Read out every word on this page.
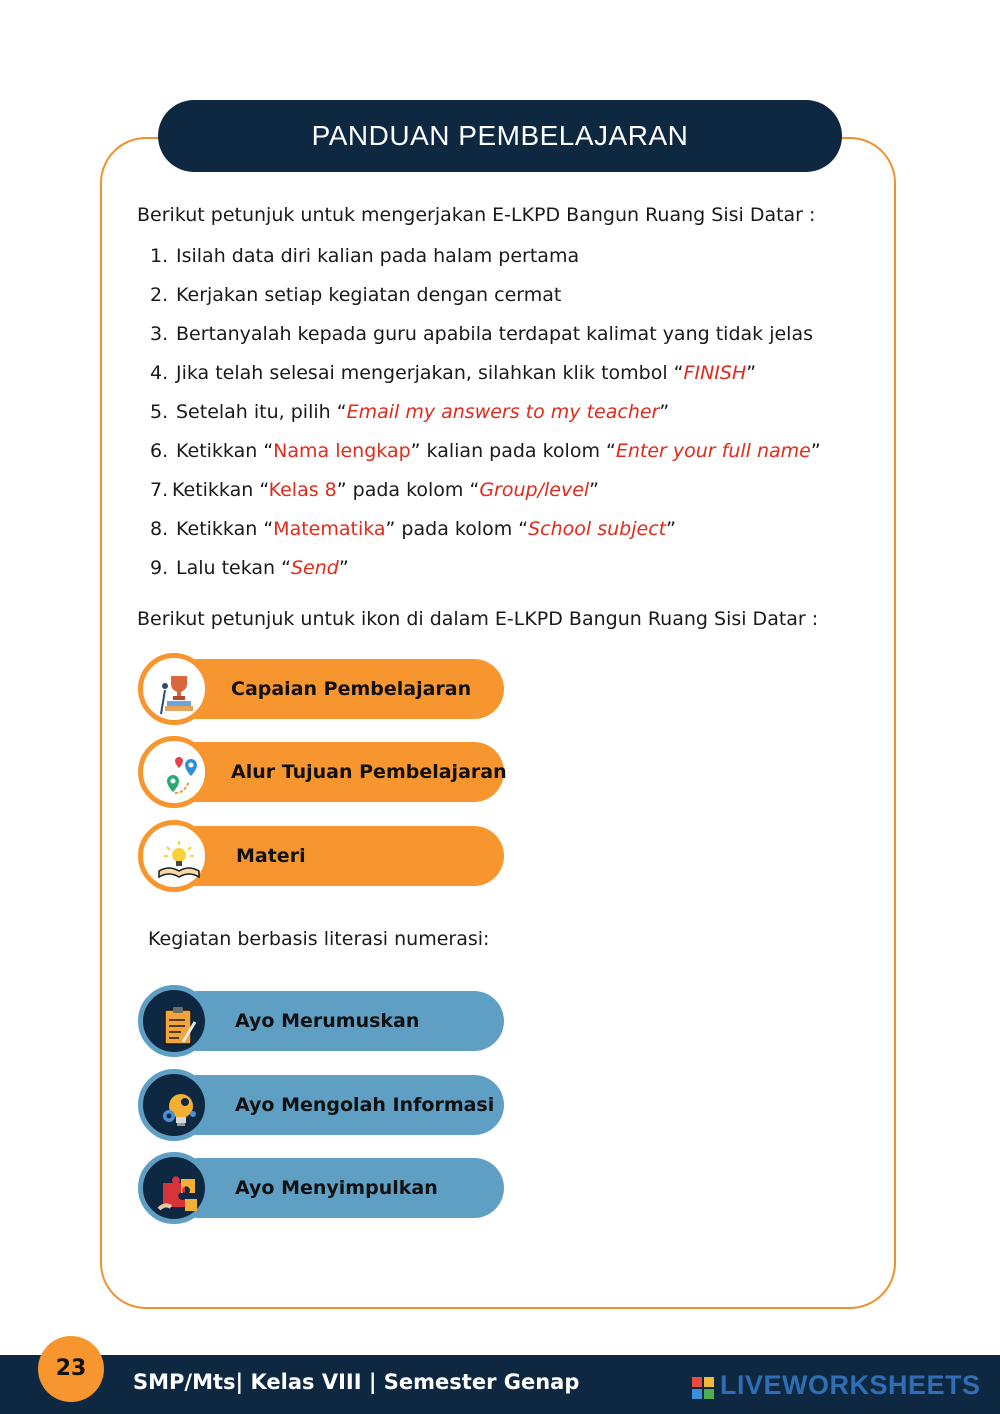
PANDUAN PEMBELAJARAN
Berikut petunjuk untuk mengerjakan E-LKPD Bangun Ruang Sisi Datar :
1. Isilah data diri kalian pada halam pertama
2. Kerjakan setiap kegiatan dengan cermat
3. Bertanyalah kepada guru apabila terdapat kalimat yang tidak jelas
4. Jika telah selesai mengerjakan, silahkan klik tombol “FINISH”
5. Setelah itu, pilih “Email my answers to my teacher”
6. Ketikkan “Nama lengkap” kalian pada kolom “Enter your full name”
7. Ketikkan “Kelas 8” pada kolom “Group/level”
8. Ketikkan “Matematika” pada kolom “School subject”
9. Lalu tekan “Send”
Berikut petunjuk untuk ikon di dalam E-LKPD Bangun Ruang Sisi Datar :
Capaian Pembelajaran
Alur Tujuan Pembelajaran
Materi
Kegiatan berbasis literasi numerasi:
Ayo Merumuskan
Ayo Mengolah Informasi
Ayo Menyimpulkan
23
SMP/Mts| Kelas VIII | Semester Genap	LIVEWORKSHEETS
